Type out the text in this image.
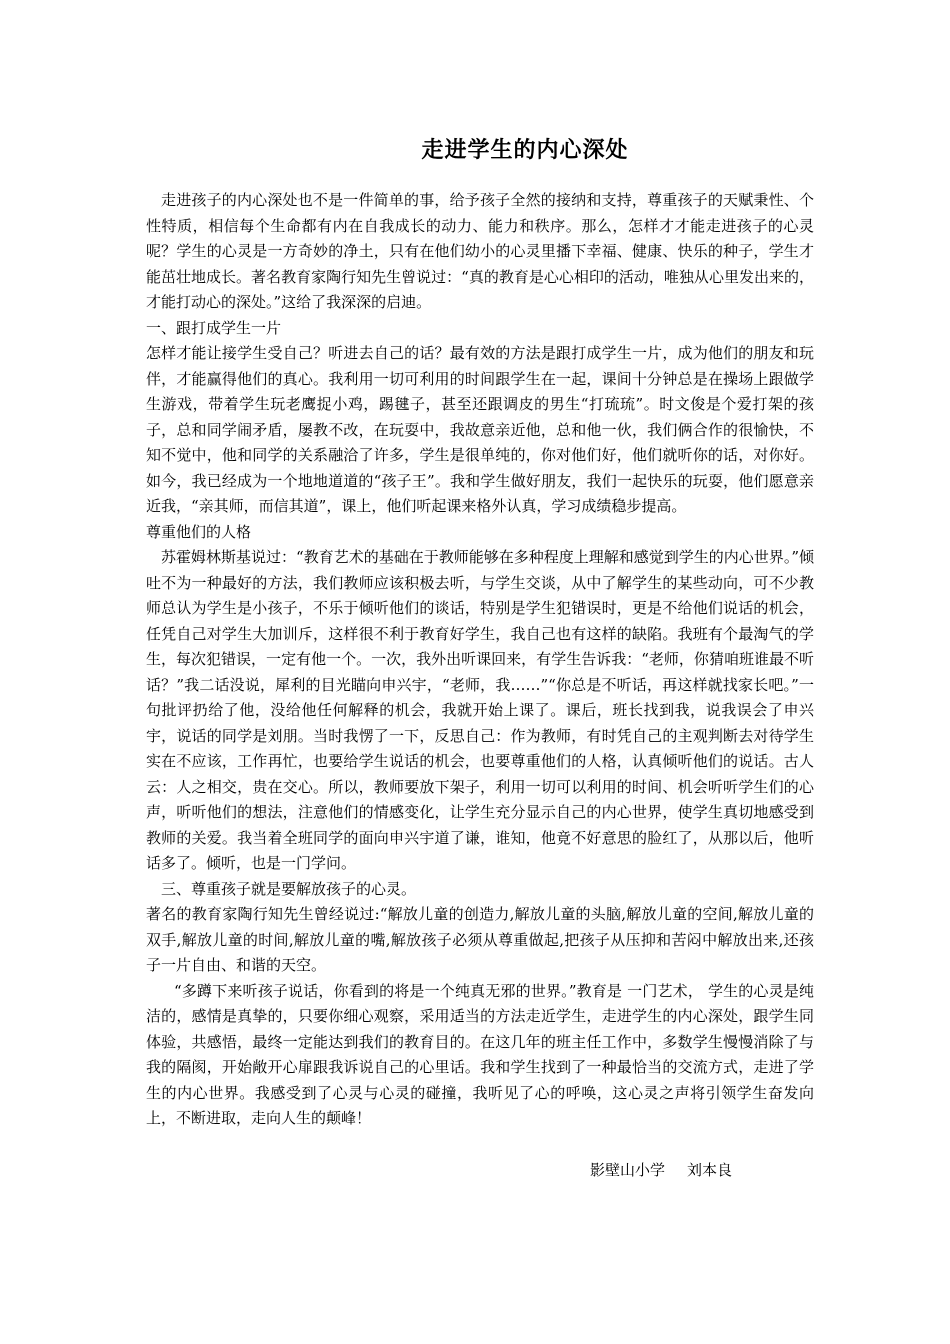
走进学生的内心深处

走进孩子的内心深处也不是一件简单的事，给予孩子全然的接纳和支持，尊重孩子的天赋秉性、个性特质，相信每个生命都有内在自我成长的动力、能力和秩序。那么，怎样才才能走进孩子的心灵呢？学生的心灵是一方奇妙的净土，只有在他们幼小的心灵里播下幸福、健康、快乐的种子，学生才能茁壮地成长。著名教育家陶行知先生曾说过：“真的教育是心心相印的活动，唯独从心里发出来的，才能打动心的深处。”这给了我深深的启迪。

一、跟打成学生一片

怎样才能让接学生受自己？听进去自己的话？最有效的方法是跟打成学生一片，成为他们的朋友和玩伴，才能赢得他们的真心。我利用一切可利用的时间跟学生在一起，课间十分钟总是在操场上跟做学生游戏，带着学生玩老鹰捉小鸡，踢毽子，甚至还跟调皮的男生“打琉琉”。时文俊是个爱打架的孩子，总和同学闹矛盾，屡教不改，在玩耍中，我故意亲近他，总和他一伙，我们俩合作的很愉快，不知不觉中，他和同学的关系融洽了许多，学生是很单纯的，你对他们好，他们就听你的话，对你好。如今，我已经成为一个地地道道的“孩子王”。我和学生做好朋友，我们一起快乐的玩耍，他们愿意亲近我，“亲其师，而信其道”，课上，他们听起课来格外认真，学习成绩稳步提高。

尊重他们的人格

苏霍姆林斯基说过：“教育艺术的基础在于教师能够在多种程度上理解和感觉到学生的内心世界。”倾吐不为一种最好的方法，我们教师应该积极去听，与学生交谈，从中了解学生的某些动向，可不少教师总认为学生是小孩子，不乐于倾听他们的谈话，特别是学生犯错误时，更是不给他们说话的机会，任凭自己对学生大加训斥，这样很不利于教育好学生，我自己也有这样的缺陷。我班有个最淘气的学生，每次犯错误，一定有他一个。一次，我外出听课回来，有学生告诉我：“老师，你猜咱班谁最不听话？”我二话没说，犀利的目光瞄向申兴宇，“老师，我……”“你总是不听话，再这样就找家长吧。”一句批评扔给了他，没给他任何解释的机会，我就开始上课了。课后，班长找到我，说我误会了申兴宇，说话的同学是刘朋。当时我愣了一下，反思自己：作为教师，有时凭自己的主观判断去对待学生实在不应该，工作再忙，也要给学生说话的机会，也要尊重他们的人格，认真倾听他们的说话。古人云：人之相交，贵在交心。所以，教师要放下架子，利用一切可以利用的时间、机会听听学生们的心声，听听他们的想法，注意他们的情感变化，让学生充分显示自己的内心世界，使学生真切地感受到教师的关爱。我当着全班同学的面向申兴宇道了谦，谁知，他竟不好意思的脸红了，从那以后，他听话多了。倾听，也是一门学问。

三、尊重孩子就是要解放孩子的心灵。

著名的教育家陶行知先生曾经说过:“解放儿童的创造力,解放儿童的头脑,解放儿童的空间,解放儿童的双手,解放儿童的时间,解放儿童的嘴,解放孩子必须从尊重做起,把孩子从压抑和苦闷中解放出来,还孩子一片自由、和谐的天空。

“多蹲下来听孩子说话，你看到的将是一个纯真无邪的世界。”教育是 一门艺术， 学生的心灵是纯洁的，感情是真挚的，只要你细心观察，采用适当的方法走近学生，走进学生的内心深处，跟学生同体验，共感悟，最终一定能达到我们的教育目的。在这几年的班主任工作中，多数学生慢慢消除了与我的隔阂，开始敞开心扉跟我诉说自己的心里话。我和学生找到了一种最恰当的交流方式，走进了学生的内心世界。我感受到了心灵与心灵的碰撞，我听见了心的呼唤，这心灵之声将引领学生奋发向上，不断进取，走向人生的颠峰！

影壁山小学 刘本良
